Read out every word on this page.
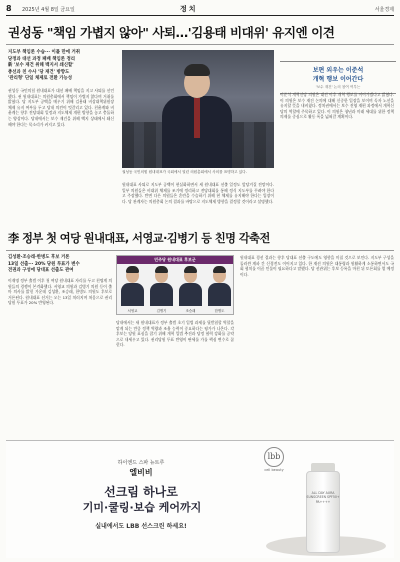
8 2025년 4월 8일 금요일	정치	서울경제
권성동 "책임 가볍지 않아" 사퇴…'김용태 비대위' 유지엔 이견

지도부 책임론 수습··· 이틀 만에 거취

당정과 대선 과정 패배 책임론 정리

新 '보수 재건 위해 백지서 쇄신할'

총선과 친 수사 '당 재건' 방향도

'관리형' 단일 체제로 전환 가능성

권성동 국민의힘 원내대표가 대선 패배 책임을 지고 사퇴를 선언했다. 권 원내대표는 의원총회에서 책임이 가볍지 않다며 거취를 밝혔다. 당 지도부 공백을 메우기 위해 김용태 비상대책위원장 체제 유지 여부를 두고 당내 의견이 엇갈리고 있다. 친윤계와 비윤계는 향후 전당대회 일정과 지도체제 개편 방향을 놓고 충돌하는 양상이다. 당내에서는 보수 재건을 위해 백지 상태에서 쇄신해야 한다는 목소리가 커지고 있다.

권성동 국민의힘 원내대표가 국회에서 열린 의원총회에서 사의를 표명하고 있다.

원내대표 사퇴로 지도부 공백이 현실화하면서 새 원내대표 선출 일정도 앞당겨질 전망이다. 일부 의원들은 비대위 체제를 조기에 정리하고 전당대회를 통해 정식 지도부를 꾸려야 한다고 주장했다. 반면 다른 의원들은 혼란을 수습하기 위해 현 체제를 유지해야 한다는 입장이다. 당 관계자는 의원총회 논의 결과를 바탕으로 지도체제 방향을 결정할 것이라고 설명했다.

보편 외우는 이준석
개혁 행보 이어간다
'보수 재건' 논의 참여 여부는

이준석 개혁신당 의원은 대선 이후 개혁 행보를 이어가겠다고 밝혔다. 이 의원은 보수 재건 논의에 대해 신중한 입장을 보이며 독자 노선을 유지할 뜻을 내비쳤다. 정치권에서는 보수 진영 재편 과정에서 개혁신당의 역할에 주목하고 있다. 이 의원은 청년과 미래 세대를 위한 정책 의제를 중심으로 활동 폭을 넓혀갈 계획이다.

李 정부 첫 여당 원내대표, 서영교·김병기 등 친명 각축전

김성환·조승래·한병도 후보 거론

13일 선출··· 20% 당원 투표가 변수

전권과 구성에 당대표 선출도 관여

이재명 정부 출범 이후 첫 여당 원내대표 자리를 두고 친명계 의원들의 경쟁이 본격화했다. 서영교 의원과 김병기 의원 등이 출마 의사를 밝힌 가운데 김성환, 조승래, 한병도 의원도 후보로 거론된다. 원내대표 선거는 오는 13일 치러지며 처음으로 권리당원 투표가 20% 반영된다.

민주당 원내대표 후보군
서영교	김병기	조승래	한병도

당내에서는 새 원내대표가 정부 출범 초기 입법 과제를 뒷받침할 역할을 맡게 되는 만큼 정책 역량과 조율 능력이 중요하다는 평가가 나온다. 각 후보는 당원 표심을 잡기 위해 개혁 입법 추진과 당정 협력 강화를 공약으로 내세우고 있다. 권리당원 투표 반영이 판세를 가를 핵심 변수로 꼽힌다.

원내대표 경선 결과는 향후 당대표 선출 구도에도 영향을 미칠 것으로 보인다. 지도부 구성을 둘러싼 계파 간 신경전도 이어지고 있다. 한 재선 의원은 대통령과 원활하게 소통하면서도 국회 협치를 이끌 인물이 필요하다고 말했다. 당 선관위는 후보 등록을 마친 뒤 토론회를 열 예정이다.

lbb
cell beauty
하이엔드 스파 뉴트루
엘비비
선크림 하나로
기미·쿨링·보습 케어까지
실내에서도 LBB 선스크린 하세요!
ALL DAY AURA SUNSCREEN SPF50+ PA++++
